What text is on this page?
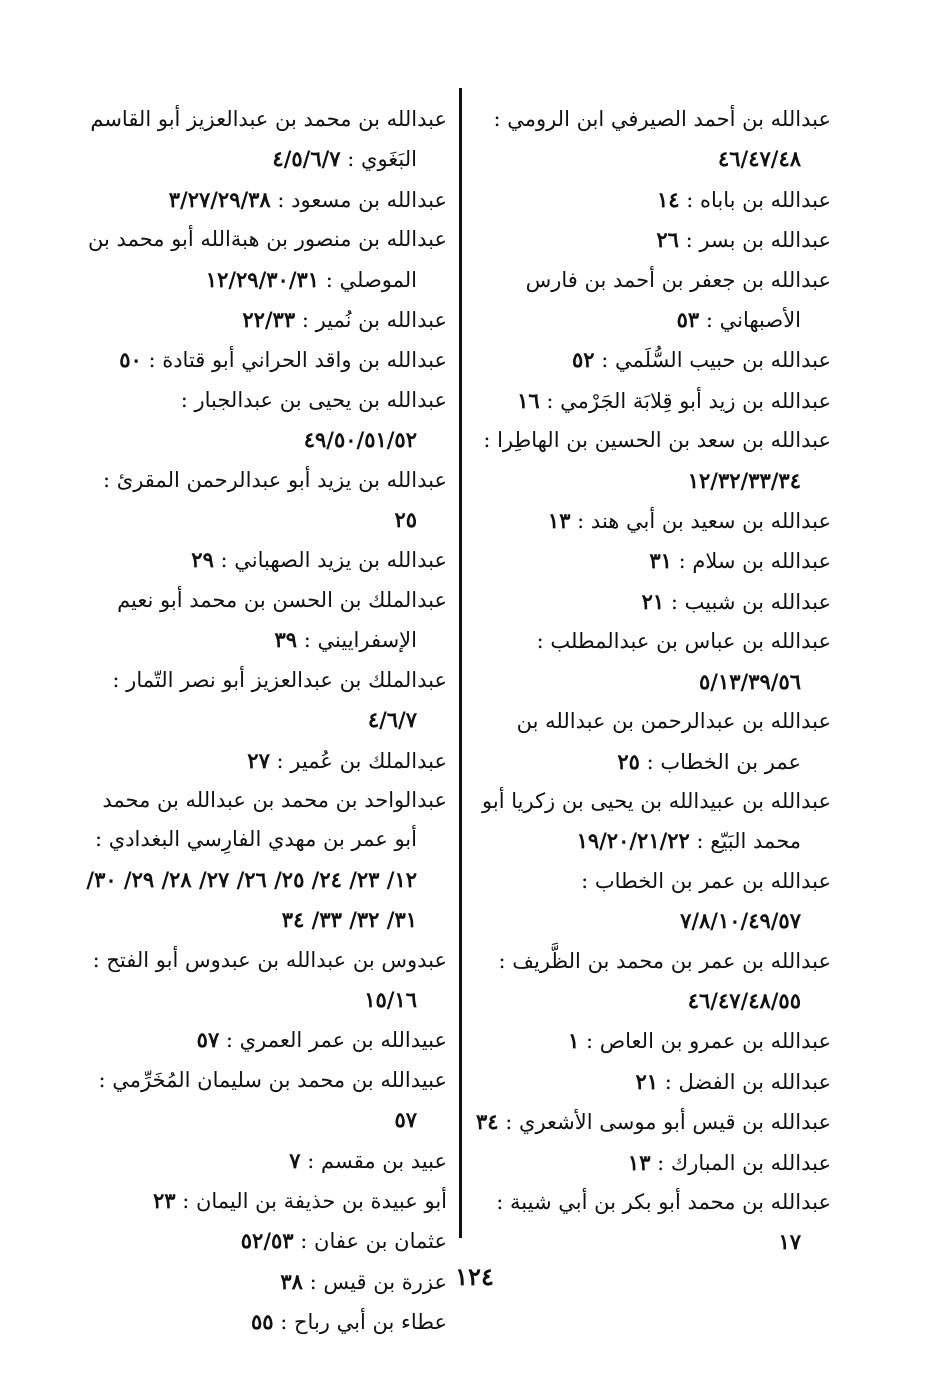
عبدالله بن أحمد الصيرفي ابن الرومي : ٤٦/٤٧/٤٨

عبدالله بن باباه : ١٤

عبدالله بن بسر : ٢٦

عبدالله بن جعفر بن أحمد بن فارس الأصبهاني : ٥٣

عبدالله بن حبيب السُّلَمي : ٥٢

عبدالله بن زيد أبو قِلابَة الجَرْمي : ١٦

عبدالله بن سعد بن الحسين بن الهاطِرا : ١٢/٣٢/٣٣/٣٤

عبدالله بن سعيد بن أبي هند : ١٣

عبدالله بن سلام : ٣١

عبدالله بن شبيب : ٢١

عبدالله بن عباس بن عبدالمطلب : ٥/١٣/٣٩/٥٦

عبدالله بن عبدالرحمن بن عبدالله بن عمر بن الخطاب : ٢٥

عبدالله بن عبيدالله بن يحيى بن زكريا أبو محمد البَيّع : ١٩/٢٠/٢١/٢٢

عبدالله بن عمر بن الخطاب : ٧/٨/١٠/٤٩/٥٧

عبدالله بن عمر بن محمد بن الظَّريف : ٤٦/٤٧/٤٨/٥٥

عبدالله بن عمرو بن العاص : ١

عبدالله بن الفضل : ٢١

عبدالله بن قيس أبو موسى الأشعري : ٣٤

عبدالله بن المبارك : ١٣

عبدالله بن محمد أبو بكر بن أبي شيبة : ١٧

عبدالله بن محمد بن عبدالعزيز أبو القاسم البَغَوي : ٤/٥/٦/٧

عبدالله بن مسعود : ٣/٢٧/٢٩/٣٨

عبدالله بن منصور بن هبةالله أبو محمد بن الموصلي : ١٢/٢٩/٣٠/٣١

عبدالله بن نُمير : ٢٢/٣٣

عبدالله بن واقد الحراني أبو قتادة : ٥٠

عبدالله بن يحيى بن عبدالجبار : ٤٩/٥٠/٥١/٥٢

عبدالله بن يزيد أبو عبدالرحمن المقرئ : ٢٥

عبدالله بن يزيد الصهباني : ٢٩

عبدالملك بن الحسن بن محمد أبو نعيم الإسفراييني : ٣٩

عبدالملك بن عبدالعزيز أبو نصر التّمار : ٤/٦/٧

عبدالملك بن عُمير : ٢٧

عبدالواحد بن محمد بن عبدالله بن محمد أبو عمر بن مهدي الفارِسي البغدادي : ١٢/ ٢٣/ ٢٤/ ٢٥/ ٢٦/ ٢٧/ ٢٨/ ٢٩/ ٣٠/ ٣١/ ٣٢/ ٣٣/ ٣٤

عبدوس بن عبدالله بن عبدوس أبو الفتح : ١٥/١٦

عبيدالله بن عمر العمري : ٥٧

عبيدالله بن محمد بن سليمان المُخَرِّمي : ٥٧

عبيد بن مقسم : ٧

أبو عبيدة بن حذيفة بن اليمان : ٢٣

عثمان بن عفان : ٥٢/٥٣

عزرة بن قيس : ٣٨

عطاء بن أبي رباح : ٥٥

١٢٤
